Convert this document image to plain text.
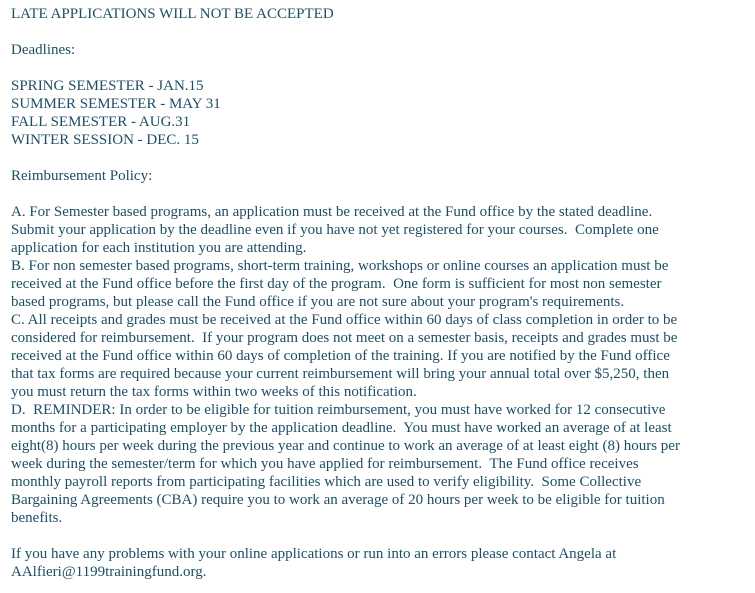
LATE APPLICATIONS WILL NOT BE ACCEPTED
Deadlines:
SPRING SEMESTER - JAN.15
SUMMER SEMESTER - MAY 31
FALL SEMESTER - AUG.31
WINTER SESSION - DEC. 15
Reimbursement Policy:
A. For Semester based programs, an application must be received at the Fund office by the stated deadline.
Submit your application by the deadline even if you have not yet registered for your courses.  Complete one
application for each institution you are attending.
B. For non semester based programs, short-term training, workshops or online courses an application must be
received at the Fund office before the first day of the program.  One form is sufficient for most non semester
based programs, but please call the Fund office if you are not sure about your program's requirements.
C. All receipts and grades must be received at the Fund office within 60 days of class completion in order to be
considered for reimbursement.  If your program does not meet on a semester basis, receipts and grades must be
received at the Fund office within 60 days of completion of the training. If you are notified by the Fund office
that tax forms are required because your current reimbursement will bring your annual total over $5,250, then
you must return the tax forms within two weeks of this notification.
D.  REMINDER: In order to be eligible for tuition reimbursement, you must have worked for 12 consecutive
months for a participating employer by the application deadline.  You must have worked an average of at least
eight(8) hours per week during the previous year and continue to work an average of at least eight (8) hours per
week during the semester/term for which you have applied for reimbursement.  The Fund office receives
monthly payroll reports from participating facilities which are used to verify eligibility.  Some Collective
Bargaining Agreements (CBA) require you to work an average of 20 hours per week to be eligible for tuition
benefits.
If you have any problems with your online applications or run into an errors please contact Angela at
AAlfieri@1199trainingfund.org.
